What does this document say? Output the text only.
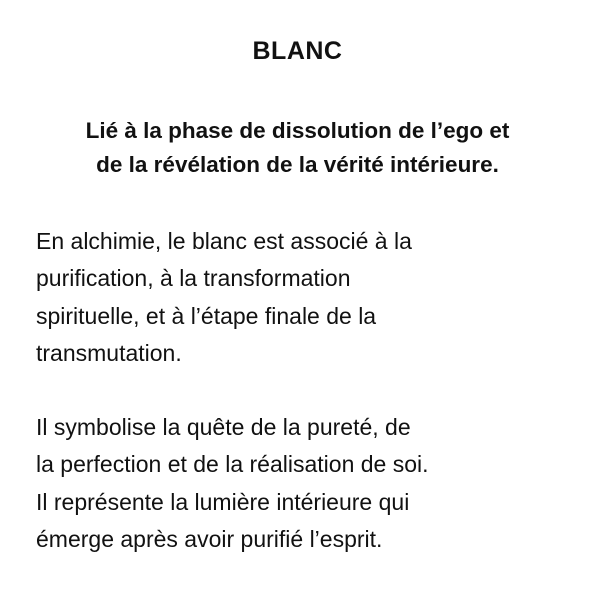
BLANC
Lié à la phase de dissolution de l’ego et
de la révélation de la vérité intérieure.
En alchimie, le blanc est associé à la
purification, à la transformation
spirituelle, et à l’étape finale de la
transmutation.
Il symbolise la quête de la pureté, de
la perfection et de la réalisation de soi.
Il représente la lumière intérieure qui
émerge après avoir purifié l’esprit.
